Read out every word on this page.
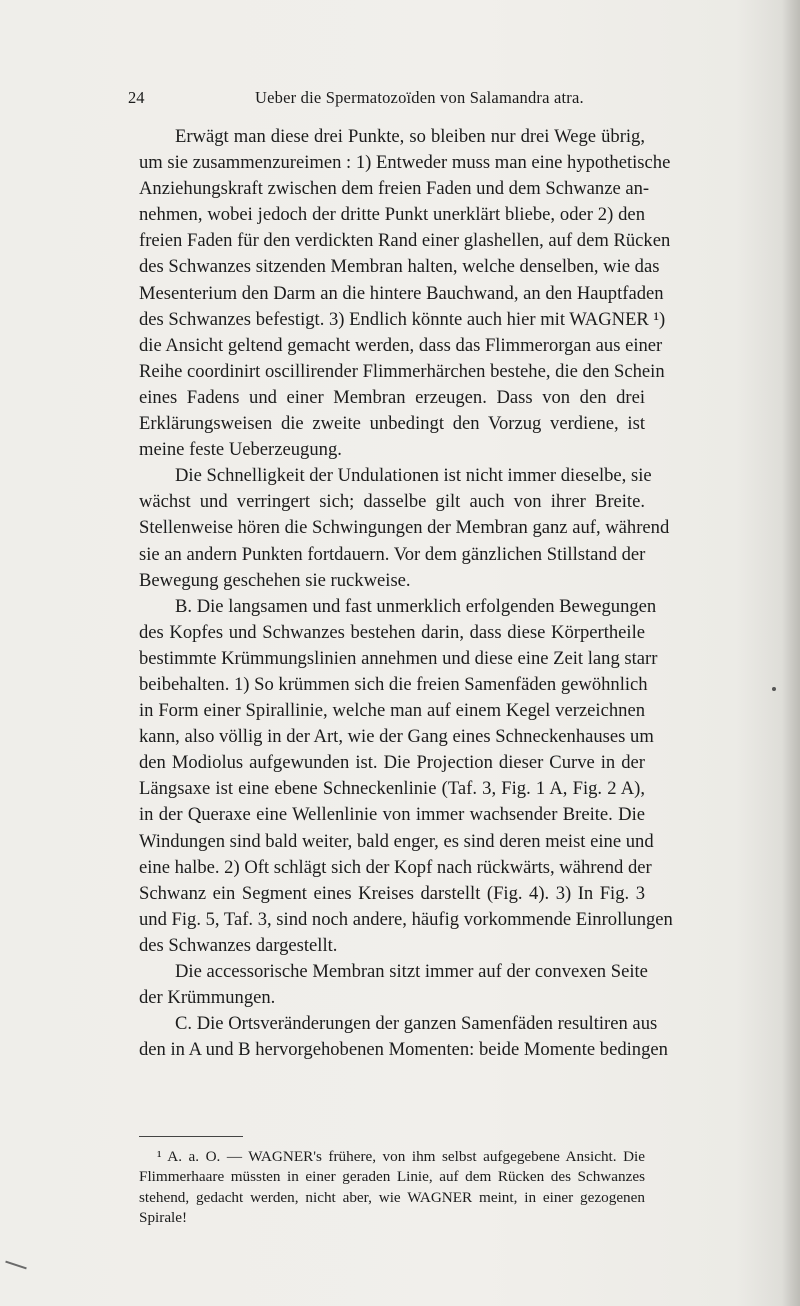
24	Ueber die Spermatozoïden von Salamandra atra.
Erwägt man diese drei Punkte, so bleiben nur drei Wege übrig,
um sie zusammenzureimen : 1) Entweder muss man eine hypothetische
Anziehungskraft zwischen dem freien Faden und dem Schwanze an-
nehmen, wobei jedoch der dritte Punkt unerklärt bliebe, oder 2) den
freien Faden für den verdickten Rand einer glashellen, auf dem Rücken
des Schwanzes sitzenden Membran halten, welche denselben, wie das
Mesenterium den Darm an die hintere Bauchwand, an den Hauptfaden
des Schwanzes befestigt. 3) Endlich könnte auch hier mit WAGNER ¹)
die Ansicht geltend gemacht werden, dass das Flimmerorgan aus einer
Reihe coordinirt oscillirender Flimmerhärchen bestehe, die den Schein
eines Fadens und einer Membran erzeugen. Dass von den drei
Erklärungsweisen die zweite unbedingt den Vorzug verdiene, ist
meine feste Ueberzeugung.
Die Schnelligkeit der Undulationen ist nicht immer dieselbe, sie
wächst und verringert sich; dasselbe gilt auch von ihrer Breite.
Stellenweise hören die Schwingungen der Membran ganz auf, während
sie an andern Punkten fortdauern. Vor dem gänzlichen Stillstand der
Bewegung geschehen sie ruckweise.
B. Die langsamen und fast unmerklich erfolgenden Bewegungen
des Kopfes und Schwanzes bestehen darin, dass diese Körpertheile
bestimmte Krümmungslinien annehmen und diese eine Zeit lang starr
beibehalten. 1) So krümmen sich die freien Samenfäden gewöhnlich
in Form einer Spirallinie, welche man auf einem Kegel verzeichnen
kann, also völlig in der Art, wie der Gang eines Schneckenhauses um
den Modiolus aufgewunden ist. Die Projection dieser Curve in der
Längsaxe ist eine ebene Schneckenlinie (Taf. 3, Fig. 1 A, Fig. 2 A),
in der Queraxe eine Wellenlinie von immer wachsender Breite. Die
Windungen sind bald weiter, bald enger, es sind deren meist eine und
eine halbe. 2) Oft schlägt sich der Kopf nach rückwärts, während der
Schwanz ein Segment eines Kreises darstellt (Fig. 4). 3) In Fig. 3
und Fig. 5, Taf. 3, sind noch andere, häufig vorkommende Einrollungen
des Schwanzes dargestellt.
Die accessorische Membran sitzt immer auf der convexen Seite
der Krümmungen.
C. Die Ortsveränderungen der ganzen Samenfäden resultiren aus
den in A und B hervorgehobenen Momenten: beide Momente bedingen
¹ A. a. O. — WAGNER's frühere, von ihm selbst aufgegebene Ansicht. Die
Flimmerhaare müssten in einer geraden Linie, auf dem Rücken des Schwanzes
stehend, gedacht werden, nicht aber, wie WAGNER meint, in einer gezogenen
Spirale!
